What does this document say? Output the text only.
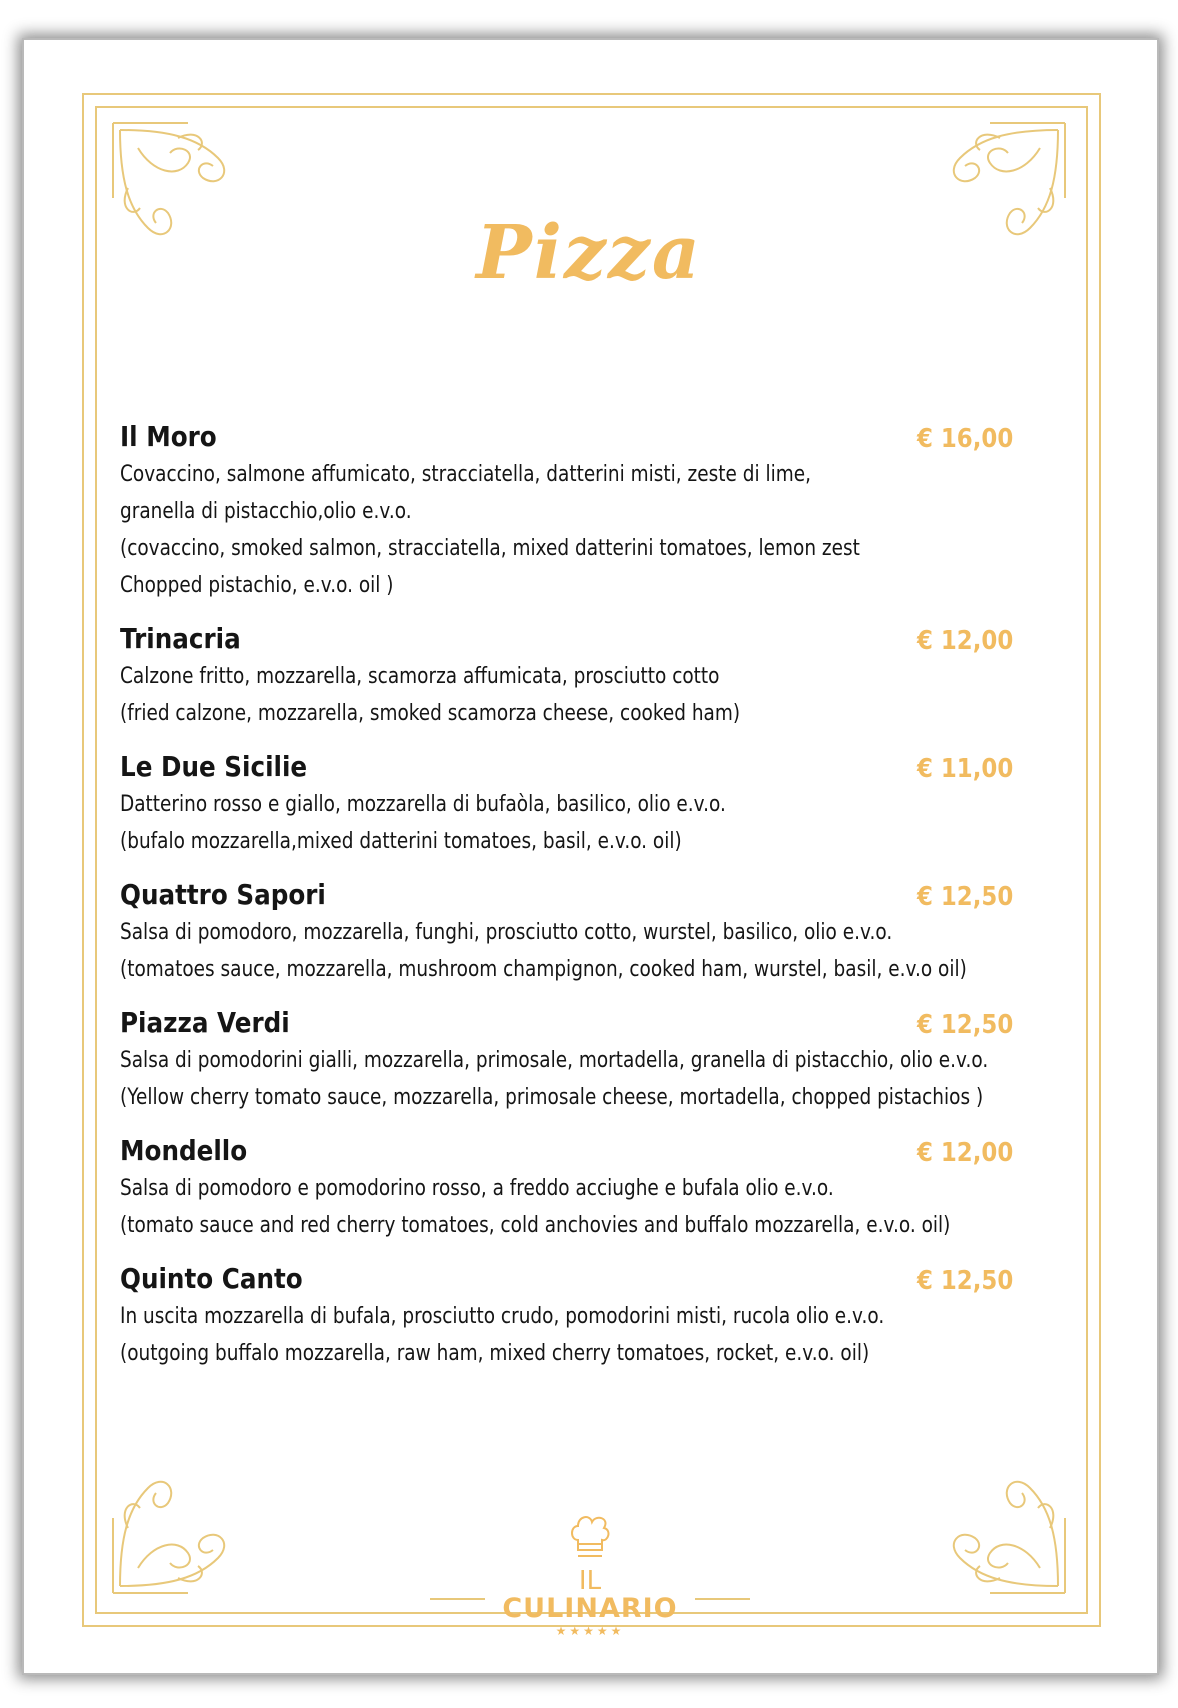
Pizza
Il Moro	€ 16,00
Covaccino, salmone affumicato, stracciatella, datterini misti, zeste di lime,
granella di pistacchio,olio e.v.o.
(covaccino, smoked salmon, stracciatella, mixed datterini tomatoes, lemon zest
Chopped pistachio, e.v.o. oil )
Trinacria	€ 12,00
Calzone fritto, mozzarella, scamorza affumicata, prosciutto cotto
(fried calzone, mozzarella, smoked scamorza cheese, cooked ham)
Le Due Sicilie	€ 11,00
Datterino rosso e giallo, mozzarella di bufaòla, basilico, olio e.v.o.
(bufalo mozzarella,mixed datterini tomatoes, basil, e.v.o. oil)
Quattro Sapori	€ 12,50
Salsa di pomodoro, mozzarella, funghi, prosciutto cotto, wurstel, basilico, olio e.v.o.
(tomatoes sauce, mozzarella, mushroom champignon, cooked ham, wurstel, basil, e.v.o oil)
Piazza Verdi	€ 12,50
Salsa di pomodorini gialli, mozzarella, primosale, mortadella, granella di pistacchio, olio e.v.o.
(Yellow cherry tomato sauce, mozzarella, primosale cheese, mortadella, chopped pistachios )
Mondello	€ 12,00
Salsa di pomodoro e pomodorino rosso, a freddo acciughe e bufala olio e.v.o.
(tomato sauce and red cherry tomatoes, cold anchovies and buffalo mozzarella, e.v.o. oil)
Quinto Canto	€ 12,50
In uscita mozzarella di bufala, prosciutto crudo, pomodorini misti, rucola olio e.v.o.
(outgoing buffalo mozzarella, raw ham, mixed cherry tomatoes, rocket, e.v.o. oil)
IL
CULINARIO
★★★★★
